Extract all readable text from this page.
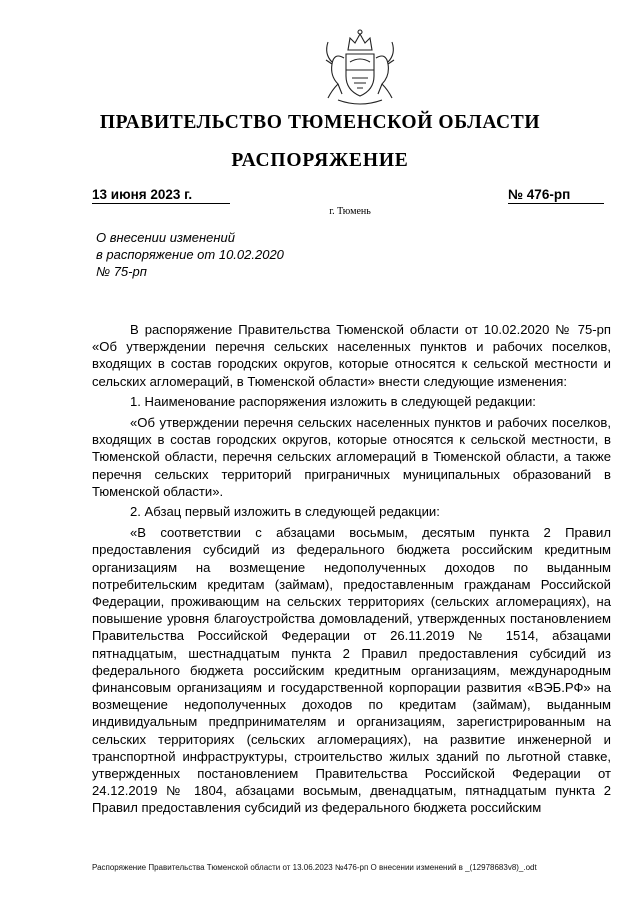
ПРАВИТЕЛЬСТВО ТЮМЕНСКОЙ ОБЛАСТИ
РАСПОРЯЖЕНИЕ
13 июня 2023 г.	№ 476-рп
г. Тюмень
О внесении изменений
в распоряжение от 10.02.2020
№ 75-рп

В распоряжение Правительства Тюменской области от 10.02.2020 № 75-рп «Об утверждении перечня сельских населенных пунктов и рабочих поселков, входящих в состав городских округов, которые относятся к сельской местности и сельских агломераций, в Тюменской области» внести следующие изменения:

1. Наименование распоряжения изложить в следующей редакции:

«Об утверждении перечня сельских населенных пунктов и рабочих поселков, входящих в состав городских округов, которые относятся к сельской местности, в Тюменской области, перечня сельских агломераций в Тюменской области, а также перечня сельских территорий приграничных муниципальных образований в Тюменской области».

2. Абзац первый изложить в следующей редакции:

«В соответствии с абзацами восьмым, десятым пункта 2 Правил предоставления субсидий из федерального бюджета российским кредитным организациям на возмещение недополученных доходов по выданным потребительским кредитам (займам), предоставленным гражданам Российской Федерации, проживающим на сельских территориях (сельских агломерациях), на повышение уровня благоустройства домовладений, утвержденных постановлением Правительства Российской Федерации от 26.11.2019 № 1514, абзацами пятнадцатым, шестнадцатым пункта 2 Правил предоставления субсидий из федерального бюджета российским кредитным организациям, международным финансовым организациям и государственной корпорации развития «ВЭБ.РФ» на возмещение недополученных доходов по кредитам (займам), выданным индивидуальным предпринимателям и организациям, зарегистрированным на сельских территориях (сельских агломерациях), на развитие инженерной и транспортной инфраструктуры, строительство жилых зданий по льготной ставке, утвержденных постановлением Правительства Российской Федерации от 24.12.2019 № 1804, абзацами восьмым, двенадцатым, пятнадцатым пункта 2 Правил предоставления субсидий из федерального бюджета российским

Распоряжение Правительства Тюменской области от 13.06.2023 №476-рп О внесении изменений в _(12978683v8)_.odt
